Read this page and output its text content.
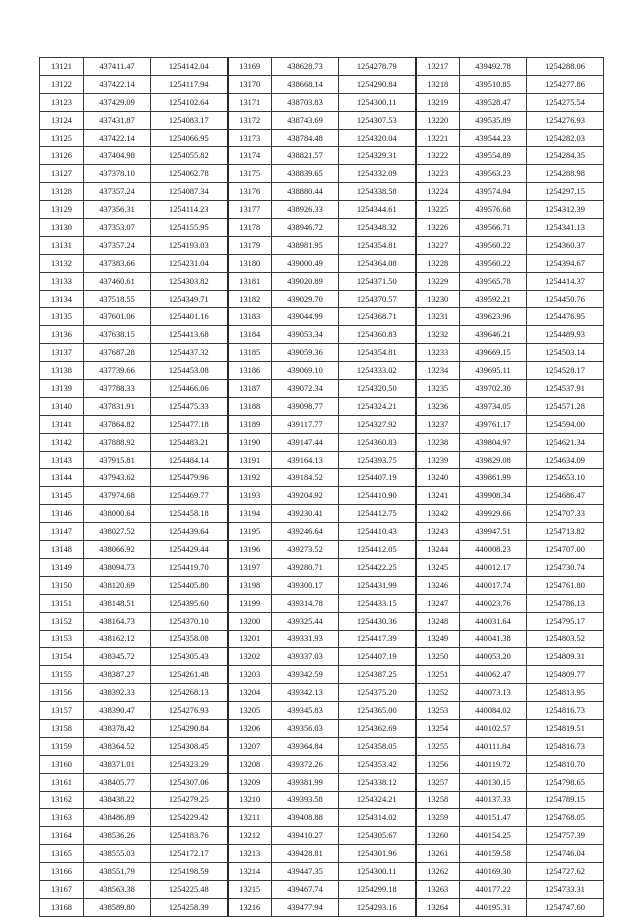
13121	437411.47	1254142.04	13169	438628.73	1254278.79	13217	439492.78	1254288.06
13122	437422.14	1254117.94	13170	438668.14	1254290.84	13218	439510.85	1254277.86
13123	437429.09	1254102.64	13171	438703.83	1254300.11	13219	439528.47	1254275.54
13124	437431.87	1254083.17	13172	438743.69	1254307.53	13220	439535.89	1254276.93
13125	437422.14	1254066.95	13173	438784.48	1254320.04	13221	439544.23	1254282.03
13126	437404.98	1254055.82	13174	438821.57	1254329.31	13222	439554.89	1254284.35
13127	437378.10	1254062.78	13175	438839.65	1254332.09	13223	439563.23	1254288.98
13128	437357.24	1254087.34	13176	438880.44	1254338.58	13224	439574.94	1254297.15
13129	437356.31	1254114.23	13177	438926.33	1254344.61	13225	439576.68	1254312.39
13130	437353.07	1254155.95	13178	438946.72	1254348.32	13226	439566.71	1254341.13
13131	437357.24	1254193.03	13179	438981.95	1254354.81	13227	439560.22	1254360.37
13132	437383.66	1254231.04	13180	439000.49	1254364.08	13228	439560.22	1254394.67
13133	437460.61	1254303.82	13181	439020.89	1254371.50	13229	439565.78	1254414.37
13134	437518.55	1254349.71	13182	439029.70	1254370.57	13230	439592.21	1254450.76
13135	437601.06	1254401.16	13183	439044.99	1254368.71	13231	439623.96	1254476.95
13136	437638.15	1254413.68	13184	439053.34	1254360.83	13232	439646.21	1254489.93
13137	437687.28	1254437.32	13185	439059.36	1254354.81	13233	439669.15	1254503.14
13138	437739.66	1254453.08	13186	439069.10	1254333.02	13234	439695.11	1254528.17
13139	437788.33	1254466.06	13187	439072.34	1254320.50	13235	439702.30	1254537.91
13140	437831.91	1254475.33	13188	439098.77	1254324.21	13236	439734.05	1254571.28
13141	437864.82	1254477.18	13189	439117.77	1254327.92	13237	439761.17	1254594.00
13142	437888.92	1254483.21	13190	439147.44	1254360.83	13238	439804.97	1254621.34
13143	437915.81	1254484.14	13191	439164.13	1254393.75	13239	439829.08	1254634.09
13144	437943.62	1254479.96	13192	439184.52	1254407.19	13240	439861.99	1254653.10
13145	437974.68	1254469.77	13193	439204.92	1254410.90	13241	439908.34	1254686.47
13146	438000.64	1254458.18	13194	439230.41	1254412.75	13242	439929.66	1254707.33
13147	438027.52	1254439.64	13195	439246.64	1254410.43	13243	439947.51	1254713.82
13148	438066.92	1254429.44	13196	439273.52	1254412.05	13244	440008.23	1254707.00
13149	438094.73	1254419.70	13197	439280.71	1254422.25	13245	440012.17	1254730.74
13150	438120.69	1254405.80	13198	439300.17	1254431.99	13246	440017.74	1254761.80
13151	438148.51	1254395.60	13199	439314.78	1254433.15	13247	440023.76	1254786.13
13152	438164.73	1254370.10	13200	439325.44	1254430.36	13248	440031.64	1254795.17
13153	438162.12	1254358.08	13201	439331.93	1254417.39	13249	440041.38	1254803.52
13154	438345.72	1254305.43	13202	439337.03	1254407.19	13250	440053.20	1254809.31
13155	438387.27	1254261.48	13203	439342.59	1254387.25	13251	440062.47	1254809.77
13156	438392.33	1254268.13	13204	439342.13	1254375.20	13252	440073.13	1254813.95
13157	438390.47	1254276.93	13205	439345.83	1254365.00	13253	440084.02	1254816.73
13158	438378.42	1254290.84	13206	439356.03	1254362.69	13254	440102.57	1254819.51
13159	438364.52	1254308.45	13207	439364.84	1254358.05	13255	440111.84	1254816.73
13160	438371.01	1254323.29	13208	439372.26	1254353.42	13256	440119.72	1254810.70
13161	438405.77	1254307.06	13209	439381.99	1254338.12	13257	440130.15	1254798.65
13162	438438.22	1254279.25	13210	439393.58	1254324.21	13258	440137.33	1254789.15
13163	438486.89	1254229.42	13211	439408.88	1254314.02	13259	440151.47	1254768.05
13164	438536.26	1254183.76	13212	439410.27	1254305.67	13260	440154.25	1254757.39
13165	438555.03	1254172.17	13213	439428.81	1254301.96	13261	440159.58	1254746.04
13166	438551.79	1254198.59	13214	439447.35	1254300.11	13262	440169.30	1254727.62
13167	438563.38	1254225.48	13215	439467.74	1254299.18	13263	440177.22	1254733.31
13168	438589.80	1254258.39	13216	439477.94	1254293.16	13264	440195.31	1254747.60
